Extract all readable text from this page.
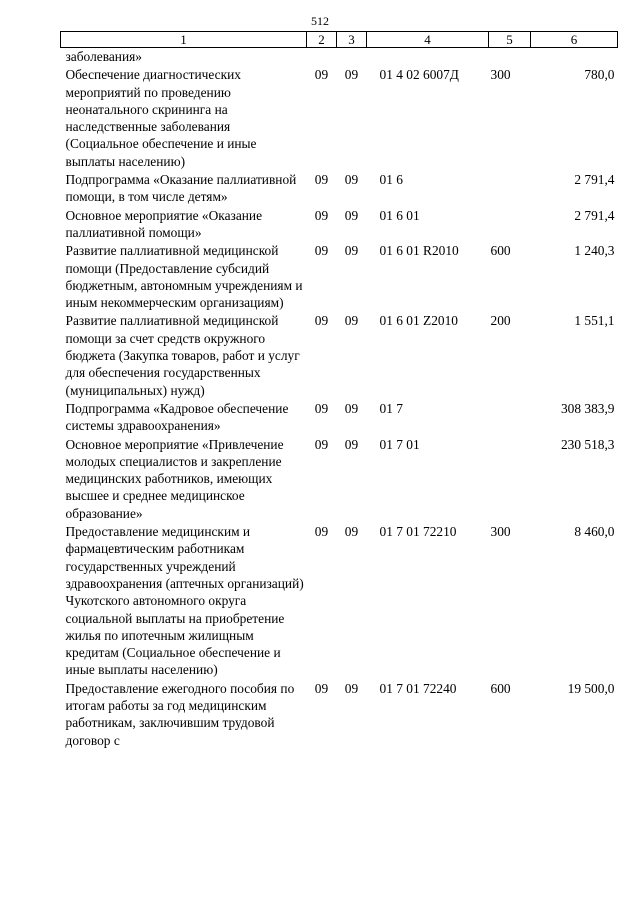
512
1	2	3	4	5	6
заболевания»					
Обеспечение диагностических мероприятий по проведению неонатального скрининга на наследственные заболевания (Социальное обеспечение и иные выплаты населению)	09	09	01 4 02 6007Д	300	780,0
Подпрограмма «Оказание паллиативной помощи, в том числе детям»	09	09	01 6		2 791,4
Основное мероприятие «Оказание паллиативной помощи»	09	09	01 6 01		2 791,4
Развитие паллиативной медицинской помощи (Предоставление субсидий бюджетным, автономным учреждениям и иным некоммерческим организациям)	09	09	01 6 01 R2010	600	1 240,3
Развитие паллиативной медицинской помощи за счет средств окружного бюджета (Закупка товаров, работ и услуг для обеспечения государственных (муниципальных) нужд)	09	09	01 6 01 Z2010	200	1 551,1
Подпрограмма «Кадровое обеспечение системы здравоохранения»	09	09	01 7		308 383,9
Основное мероприятие «Привлечение молодых специалистов и закрепление медицинских работников, имеющих высшее и среднее медицинское образование»	09	09	01 7 01		230 518,3
Предоставление медицинским и фармацевтическим работникам государственных учреждений здравоохранения (аптечных организаций) Чукотского автономного округа социальной выплаты на приобретение жилья по ипотечным жилищным кредитам (Социальное обеспечение и иные выплаты населению)	09	09	01 7 01 72210	300	8 460,0
Предоставление ежегодного пособия по итогам работы за год медицинским работникам, заключившим трудовой договор с	09	09	01 7 01 72240	600	19 500,0
